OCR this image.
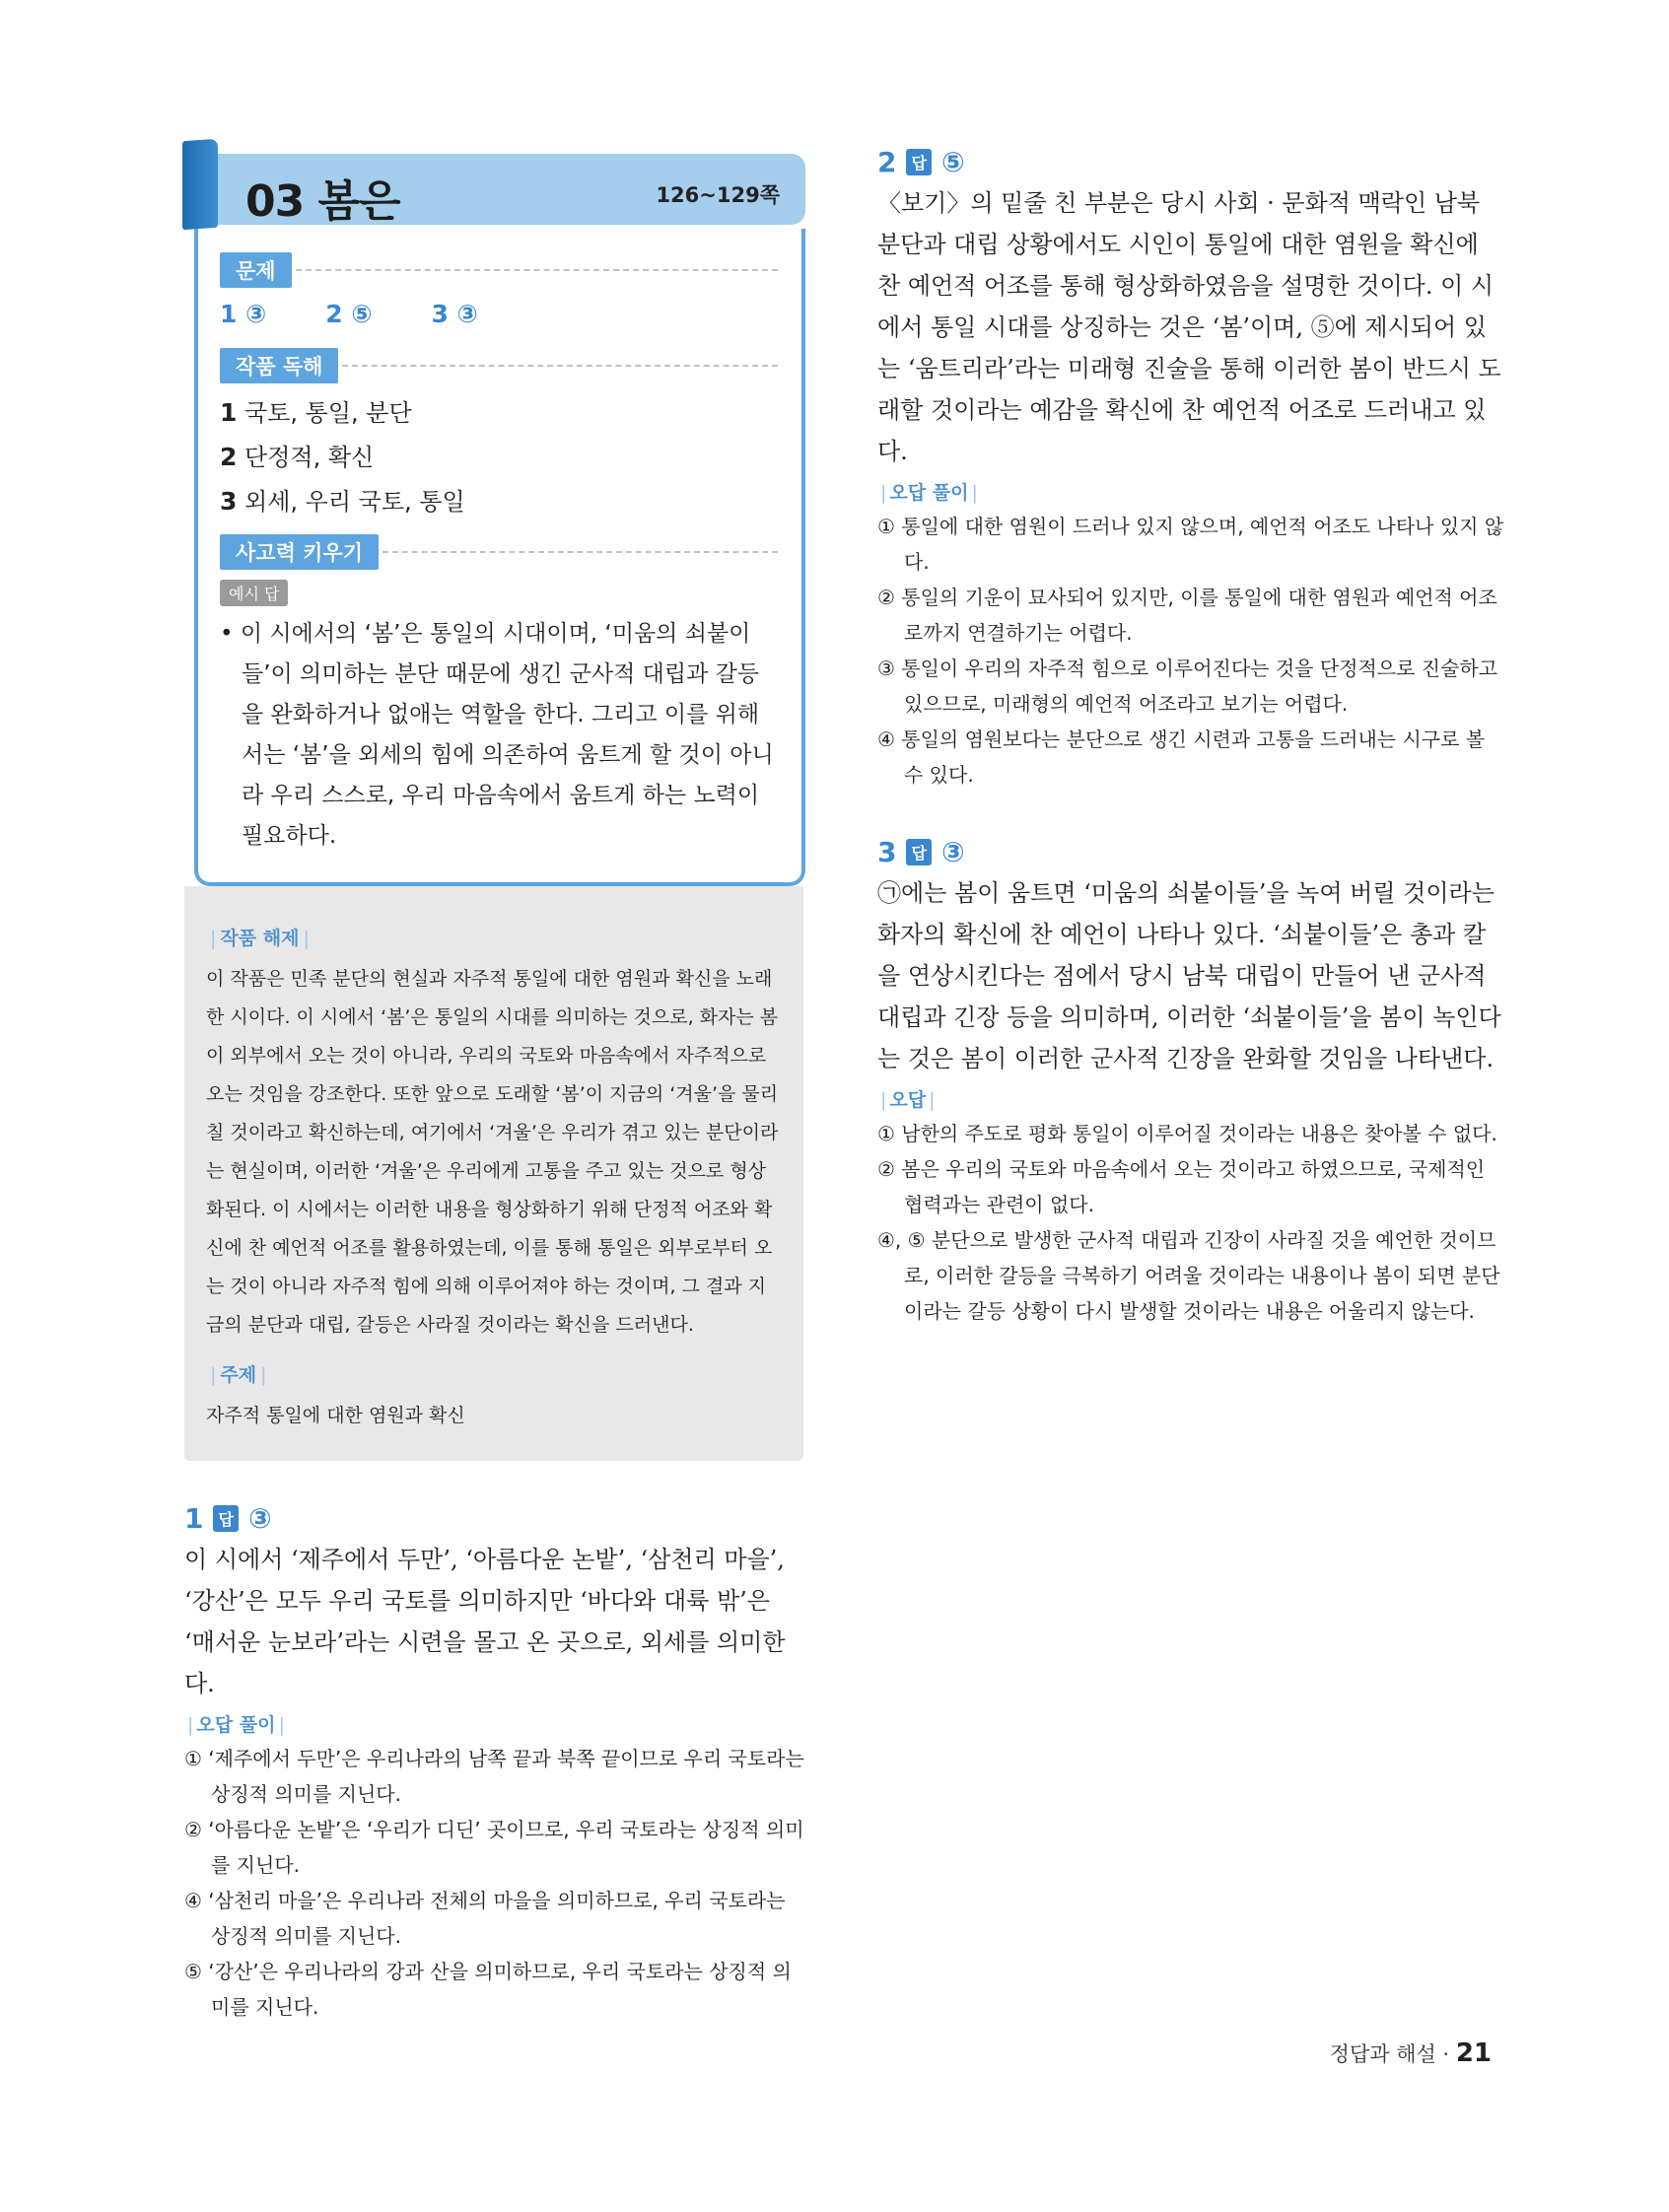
03 봄은	126~129쪽
문제
1 ③ 2 ⑤ 3 ③
작품 독해
1 국토, 통일, 분단
2 단정적, 확신
3 외세, 우리 국토, 통일
사고력 키우기
예시 답
• 이 시에서의 ‘봄’은 통일의 시대이며, ‘미움의 쇠붙이들’이 의미하는 분단 때문에 생긴 군사적 대립과 갈등을 완화하거나 없애는 역할을 한다. 그리고 이를 위해서는 ‘봄’을 외세의 힘에 의존하여 움트게 할 것이 아니라 우리 스스로, 우리 마음속에서 움트게 하는 노력이 필요하다.
| 작품 해제 |

이 작품은 민족 분단의 현실과 자주적 통일에 대한 염원과 확신을 노래한 시이다. 이 시에서 ‘봄’은 통일의 시대를 의미하는 것으로, 화자는 봄이 외부에서 오는 것이 아니라, 우리의 국토와 마음속에서 자주적으로 오는 것임을 강조한다. 또한 앞으로 도래할 ‘봄’이 지금의 ‘겨울’을 물리칠 것이라고 확신하는데, 여기에서 ‘겨울’은 우리가 겪고 있는 분단이라는 현실이며, 이러한 ‘겨울’은 우리에게 고통을 주고 있는 것으로 형상화된다. 이 시에서는 이러한 내용을 형상화하기 위해 단정적 어조와 확신에 찬 예언적 어조를 활용하였는데, 이를 통해 통일은 외부로부터 오는 것이 아니라 자주적 힘에 의해 이루어져야 하는 것이며, 그 결과 지금의 분단과 대립, 갈등은 사라질 것이라는 확신을 드러낸다.

| 주제 |

자주적 통일에 대한 염원과 확신

1 답 ③
이 시에서 ‘제주에서 두만’, ‘아름다운 논밭’, ‘삼천리 마을’, ‘강산’은 모두 우리 국토를 의미하지만 ‘바다와 대륙 밖’은 ‘매서운 눈보라’라는 시련을 몰고 온 곳으로, 외세를 의미한다.
| 오답 풀이 |
① ‘제주에서 두만’은 우리나라의 남쪽 끝과 북쪽 끝이므로 우리 국토라는 상징적 의미를 지닌다.
② ‘아름다운 논밭’은 ‘우리가 디딘’ 곳이므로, 우리 국토라는 상징적 의미를 지닌다.
④ ‘삼천리 마을’은 우리나라 전체의 마을을 의미하므로, 우리 국토라는 상징적 의미를 지닌다.
⑤ ‘강산’은 우리나라의 강과 산을 의미하므로, 우리 국토라는 상징적 의미를 지닌다.
2 답 ⑤
〈보기〉의 밑줄 친 부분은 당시 사회 · 문화적 맥락인 남북 분단과 대립 상황에서도 시인이 통일에 대한 염원을 확신에 찬 예언적 어조를 통해 형상화하였음을 설명한 것이다. 이 시에서 통일 시대를 상징하는 것은 ‘봄’이며, ⑤에 제시되어 있는 ‘움트리라’라는 미래형 진술을 통해 이러한 봄이 반드시 도래할 것이라는 예감을 확신에 찬 예언적 어조로 드러내고 있다.
| 오답 풀이 |
① 통일에 대한 염원이 드러나 있지 않으며, 예언적 어조도 나타나 있지 않다.
② 통일의 기운이 묘사되어 있지만, 이를 통일에 대한 염원과 예언적 어조로까지 연결하기는 어렵다.
③ 통일이 우리의 자주적 힘으로 이루어진다는 것을 단정적으로 진술하고 있으므로, 미래형의 예언적 어조라고 보기는 어렵다.
④ 통일의 염원보다는 분단으로 생긴 시련과 고통을 드러내는 시구로 볼 수 있다.
3 답 ③
㉠에는 봄이 움트면 ‘미움의 쇠붙이들’을 녹여 버릴 것이라는 화자의 확신에 찬 예언이 나타나 있다. ‘쇠붙이들’은 총과 칼을 연상시킨다는 점에서 당시 남북 대립이 만들어 낸 군사적 대립과 긴장 등을 의미하며, 이러한 ‘쇠붙이들’을 봄이 녹인다는 것은 봄이 이러한 군사적 긴장을 완화할 것임을 나타낸다.
| 오답 |
① 남한의 주도로 평화 통일이 이루어질 것이라는 내용은 찾아볼 수 없다.
② 봄은 우리의 국토와 마음속에서 오는 것이라고 하였으므로, 국제적인 협력과는 관련이 없다.
④, ⑤ 분단으로 발생한 군사적 대립과 긴장이 사라질 것을 예언한 것이므로, 이러한 갈등을 극복하기 어려울 것이라는 내용이나 봄이 되면 분단이라는 갈등 상황이 다시 발생할 것이라는 내용은 어울리지 않는다.
정답과 해설 · 21
